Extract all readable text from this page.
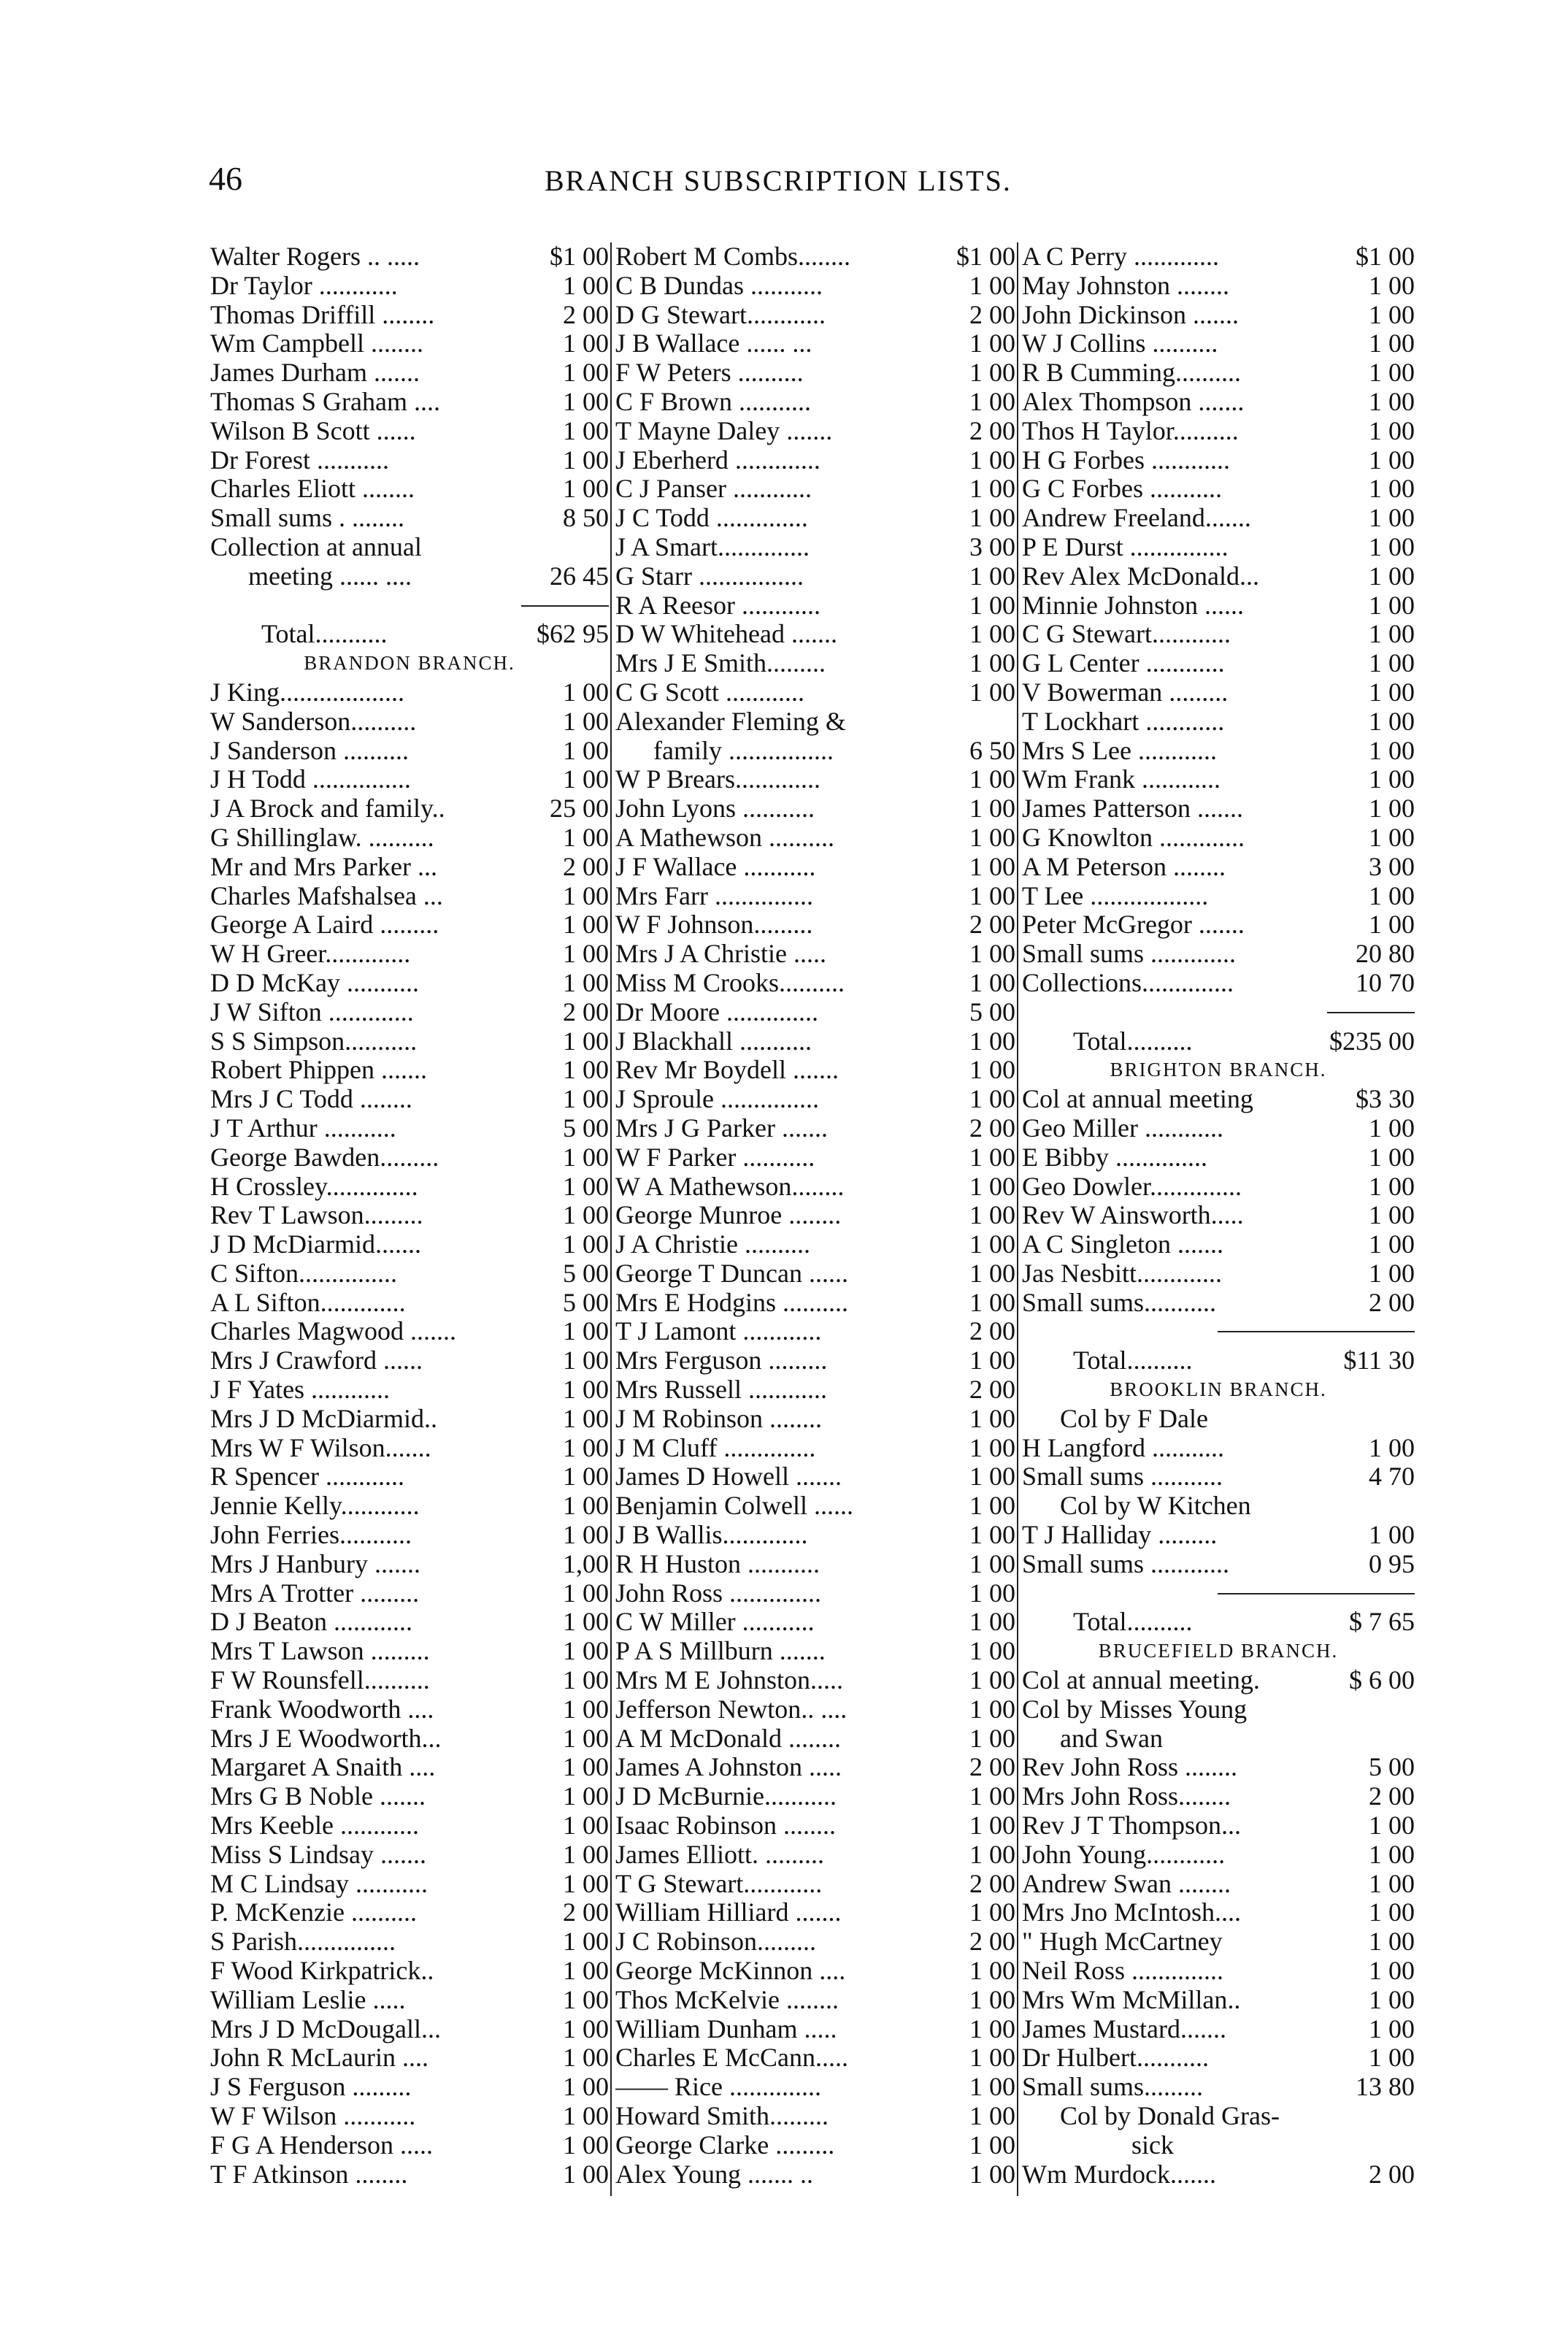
46	BRANCH SUBSCRIPTION LISTS.
Walter Rogers .. .....	$1 00
Dr Taylor ............	1 00
Thomas Driffill ........	2 00
Wm Campbell ........	1 00
James Durham .......	1 00
Thomas S Graham ....	1 00
Wilson B Scott ......	1 00
Dr Forest ...........	1 00
Charles Eliott ........	1 00
Small sums . ........	8 50
Collection at annual
meeting ...... ....	26 45
Total...........	$62 95
BRANDON BRANCH.
J King...................	1 00
W Sanderson..........	1 00
J Sanderson ..........	1 00
J H Todd ...............	1 00
J A Brock and family..	25 00
G Shillinglaw. ..........	1 00
Mr and Mrs Parker ...	2 00
Charles Mafshalsea ...	1 00
George A Laird .........	1 00
W H Greer.............	1 00
D D McKay ...........	1 00
J W Sifton .............	2 00
S S Simpson...........	1 00
Robert Phippen .......	1 00
Mrs J C Todd ........	1 00
J T Arthur ...........	5 00
George Bawden.........	1 00
H Crossley..............	1 00
Rev T Lawson.........	1 00
J D McDiarmid.......	1 00
C Sifton...............	5 00
A L Sifton.............	5 00
Charles Magwood .......	1 00
Mrs J Crawford ......	1 00
J F Yates ............	1 00
Mrs J D McDiarmid..	1 00
Mrs W F Wilson.......	1 00
R Spencer ............	1 00
Jennie Kelly............	1 00
John Ferries...........	1 00
Mrs J Hanbury .......	1,00
Mrs A Trotter .........	1 00
D J Beaton ............	1 00
Mrs T Lawson .........	1 00
F W Rounsfell..........	1 00
Frank Woodworth ....	1 00
Mrs J E Woodworth...	1 00
Margaret A Snaith ....	1 00
Mrs G B Noble .......	1 00
Mrs Keeble ............	1 00
Miss S Lindsay .......	1 00
M C Lindsay ...........	1 00
P. McKenzie ..........	2 00
S Parish...............	1 00
F Wood Kirkpatrick..	1 00
William Leslie .....	1 00
Mrs J D McDougall...	1 00
John R McLaurin ....	1 00
J S Ferguson .........	1 00
W F Wilson ...........	1 00
F G A Henderson .....	1 00
T F Atkinson ........	1 00
Robert M Combs........	$1 00
C B Dundas ...........	1 00
D G Stewart............	2 00
J B Wallace ...... ...	1 00
F W Peters ..........	1 00
C F Brown ...........	1 00
T Mayne Daley .......	2 00
J Eberherd .............	1 00
C J Panser ............	1 00
J C Todd ..............	1 00
J A Smart..............	3 00
G Starr ................	1 00
R A Reesor ............	1 00
D W Whitehead .......	1 00
Mrs J E Smith.........	1 00
C G Scott ............	1 00
Alexander Fleming &
family ................	6 50
W P Brears.............	1 00
John Lyons ...........	1 00
A Mathewson ..........	1 00
J F Wallace ...........	1 00
Mrs Farr ...............	1 00
W F Johnson.........	2 00
Mrs J A Christie .....	1 00
Miss M Crooks..........	1 00
Dr Moore ..............	5 00
J Blackhall ...........	1 00
Rev Mr Boydell .......	1 00
J Sproule ...............	1 00
Mrs J G Parker .......	2 00
W F Parker ...........	1 00
W A Mathewson........	1 00
George Munroe ........	1 00
J A Christie ..........	1 00
George T Duncan ......	1 00
Mrs E Hodgins ..........	1 00
T J Lamont ............	2 00
Mrs Ferguson .........	1 00
Mrs Russell ............	2 00
J M Robinson ........	1 00
J M Cluff ..............	1 00
James D Howell .......	1 00
Benjamin Colwell ......	1 00
J B Wallis.............	1 00
R H Huston ...........	1 00
John Ross ..............	1 00
C W Miller ...........	1 00
P A S Millburn .......	1 00
Mrs M E Johnston.....	1 00
Jefferson Newton.. ....	1 00
A M McDonald ........	1 00
James A Johnston .....	2 00
J D McBurnie...........	1 00
Isaac Robinson ........	1 00
James Elliott. .........	1 00
T G Stewart............	2 00
William Hilliard .......	1 00
J C Robinson.........	2 00
George McKinnon ....	1 00
Thos McKelvie ........	1 00
William Dunham .....	1 00
Charles E McCann.....	1 00
—— Rice ..............	1 00
Howard Smith.........	1 00
George Clarke .........	1 00
Alex Young ....... ..	1 00
A C Perry .............	$1 00
May Johnston ........	1 00
John Dickinson .......	1 00
W J Collins ..........	1 00
R B Cumming..........	1 00
Alex Thompson .......	1 00
Thos H Taylor..........	1 00
H G Forbes ............	1 00
G C Forbes ...........	1 00
Andrew Freeland.......	1 00
P E Durst ...............	1 00
Rev Alex McDonald...	1 00
Minnie Johnston ......	1 00
C G Stewart............	1 00
G L Center ............	1 00
V Bowerman .........	1 00
T Lockhart ............	1 00
Mrs S Lee ............	1 00
Wm Frank ............	1 00
James Patterson .......	1 00
G Knowlton .............	1 00
A M Peterson ........	3 00
T Lee ..................	1 00
Peter McGregor .......	1 00
Small sums .............	20 80
Collections..............	10 70
Total..........	$235 00
BRIGHTON BRANCH.
Col at annual meeting	$3 30
Geo Miller ............	1 00
E Bibby ..............	1 00
Geo Dowler..............	1 00
Rev W Ainsworth.....	1 00
A C Singleton .......	1 00
Jas Nesbitt.............	1 00
Small sums...........	2 00
Total..........	$11 30
BROOKLIN BRANCH.
Col by F Dale
H Langford ...........	1 00
Small sums ...........	4 70
Col by W Kitchen
T J Halliday .........	1 00
Small sums ............	0 95
Total..........	$ 7 65
BRUCEFIELD BRANCH.
Col at annual meeting.	$ 6 00
Col by Misses Young
and Swan
Rev John Ross ........	5 00
Mrs John Ross........	2 00
Rev J T Thompson...	1 00
John Young............	1 00
Andrew Swan ........	1 00
Mrs Jno McIntosh....	1 00
" Hugh McCartney	1 00
Neil Ross ..............	1 00
Mrs Wm McMillan..	1 00
James Mustard.......	1 00
Dr Hulbert...........	1 00
Small sums.........	13 80
Col by Donald Gras-
sick
Wm Murdock.......	2 00
